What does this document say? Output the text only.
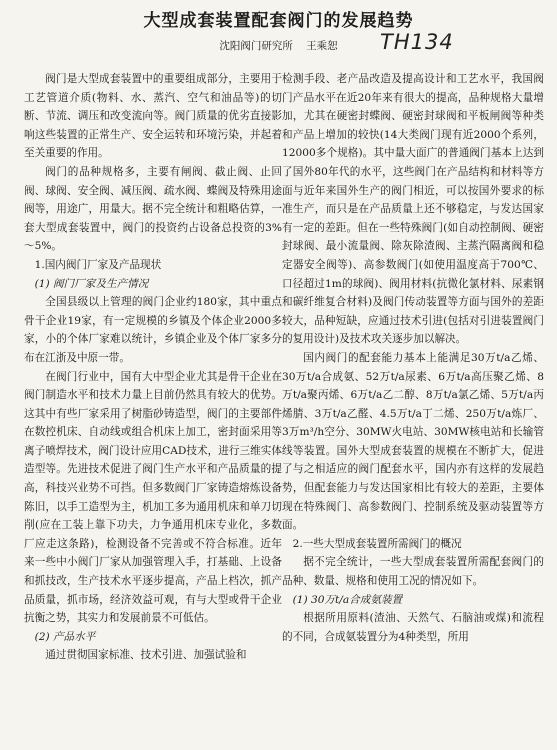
大型成套装置配套阀门的发展趋势
沈阳阀门研究所 王乘恕	TH134

阀门是大型成套装置中的重要组成部分，主要用于工艺管道介质(物料、水、蒸汽、空气和油品等)的切断、节流、调压和改变流向等。阀门质量的优劣直接影响这些装置的正常生产、安全运转和环境污染，并起着至关重要的作用。

阀门的品种规格多，主要有闸阀、截止阀、止回阀、球阀、安全阀、减压阀、疏水阀、蝶阀及特殊用途阀等，用途广，用量大。据不完全统计和粗略估算，一套大型成套装置中，阀门的投资约占设备总投资的3%～5%。

1.国内阀门厂家及产品现状
(1) 阀门厂家及生产情况

全国县级以上管理的阀门企业约180家，其中重点骨干企业19家，有一定规模的乡镇及个体企业2000多家，小的个体厂家难以统计，乡镇企业及个体厂家多分布在江浙及中原一带。

在阀门行业中，国有大中型企业尤其是骨干企业在阀门制造水平和技术力量上目前仍然具有较大的优势。这其中有些厂家采用了树脂砂铸造型，阀门的主要部件在数控机床、自动线或组合机床上加工，密封面采用等离子喷焊技术，阀门设计应用CAD技术，进行三维实体造型等。先进技术促进了阀门生产水平和产品质量的提高，科技兴业势不可挡。但多数阀门厂家铸造熔炼设备陈旧，以手工造型为主，机加工多为通用机床和单刀切削(应在工装上靠下功夫，力争通用机床专业化，多数厂应走这条路)，检测设备不完善或不符合标准。近年来一些中小阀门厂家从加强管理入手，打基础、上设备和抓技改，生产技术水平逐步提高，产品上档次，抓产品质量，抓市场，经济效益可观，有与大型或骨干企业抗衡之势，其实力和发展前景不可低估。

(2) 产品水平

通过贯彻国家标准、技术引进、加强试验和

检测手段、老产品改造及提高设计和工艺水平，我国阀门产品水平在近20年来有很大的提高，品种规格大量增加，尤其在硬密封蝶阀、硬密封球阀和平板闸阀等种类和产品上增加的较快(14大类阀门现有近2000个系列，12000多个规格)。其中量大面广的普通阀门基本上达到了国外80年代的水平，这些阀门在产品结构和材料等方面与近年来国外生产的阀门相近，可以按国外要求的标准生产，而只是在产品质量上还不够稳定，与发达国家有一定的差距。但在一些特殊阀门(如自动控制阀、硬密封球阀、最小流量阀、除灰除渣阀、主蒸汽隔离阀和稳定器安全阀等)、高参数阀门(如使用温度高于700℃、口径超过1m的球阀)、阀用材料(抗微化氯材料、尿素钢和碳纤维复合材料)及阀门传动装置等方面与国外的差距较大，品种短缺，应通过技术引进(包括对引进装置阀门的复用设计)及技术攻关逐步加以解决。

国内阀门的配套能力基本上能满足30万t/a乙烯、30万t/a合成氨、52万t/a尿素、6万t/a高压聚乙烯、8万t/a聚丙烯、6万t/a乙二醇、8万t/a氯乙烯、5万t/a丙烯腈、3万t/a乙醛、4.5万t/a丁二烯、250万t/a炼厂、3万m³/h空分、30MW火电站、30MW核电站和长输管线等装置。国外大型成套装置的规模在不断扩大，促进了与之相适应的阀门配套水平，国内亦有这样的发展趋势，但配套能力与发达国家相比有较大的差距，主要体现在特殊阀门、高参数阀门、控制系统及驱动装置等方面。

2.一些大型成套装置所需阀门的概况

据不完全统计，一些大型成套装置所需配套阀门的品种、数量、规格和使用工况的情况如下。

(1) 30万t/a合成氨装置

根据所用原料(渣油、天然气、石脑油或煤)和流程的不同，合成氨装置分为4种类型，所用
